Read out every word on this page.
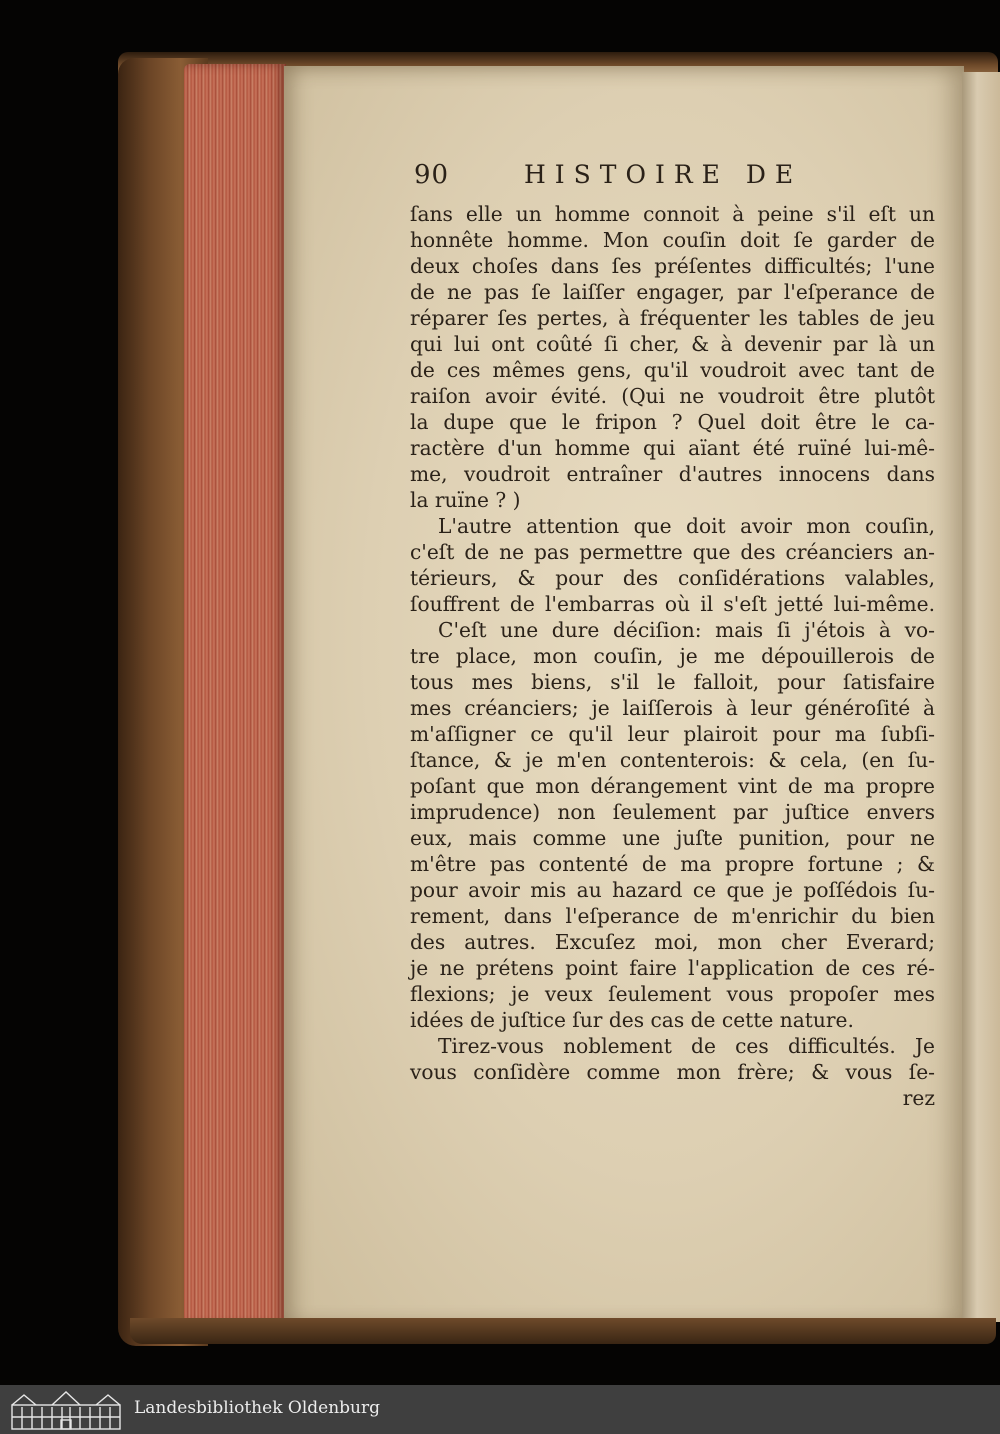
90	HISTOIRE DE
ſans elle un homme connoit à peine s'il eſt un
honnête homme. Mon couſin doit ſe garder de
deux choſes dans ſes préſentes difficultés; l'une
de ne pas ſe laiſſer engager, par l'eſperance de
réparer ſes pertes, à fréquenter les tables de jeu
qui lui ont coûté ſi cher, & à devenir par là un
de ces mêmes gens, qu'il voudroit avec tant de
raiſon avoir évité. (Qui ne voudroit être plutôt
la dupe que le fripon ? Quel doit être le ca-
ractère d'un homme qui aïant été ruïné lui-mê-
me, voudroit entraîner d'autres innocens dans
la ruïne ? )
L'autre attention que doit avoir mon couſin,
c'eſt de ne pas permettre que des créanciers an-
térieurs, & pour des conſidérations valables,
ſouffrent de l'embarras où il s'eſt jetté lui-même.
C'eſt une dure déciſion: mais ſi j'étois à vo-
tre place, mon couſin, je me dépouillerois de
tous mes biens, s'il le falloit, pour ſatisfaire
mes créanciers; je laiſſerois à leur généroſité à
m'aſſigner ce qu'il leur plairoit pour ma ſubſi-
ſtance, & je m'en contenterois: & cela, (en ſu-
poſant que mon dérangement vint de ma propre
imprudence) non ſeulement par juſtice envers
eux, mais comme une juſte punition, pour ne
m'être pas contenté de ma propre fortune ; &
pour avoir mis au hazard ce que je poſſédois ſu-
rement, dans l'eſperance de m'enrichir du bien
des autres. Excuſez moi, mon cher Everard;
je ne prétens point faire l'application de ces ré-
flexions; je veux ſeulement vous propoſer mes
idées de juſtice ſur des cas de cette nature.
Tirez-vous noblement de ces difficultés. Je
vous conſidère comme mon frère; & vous ſe-
rez
Landesbibliothek Oldenburg
